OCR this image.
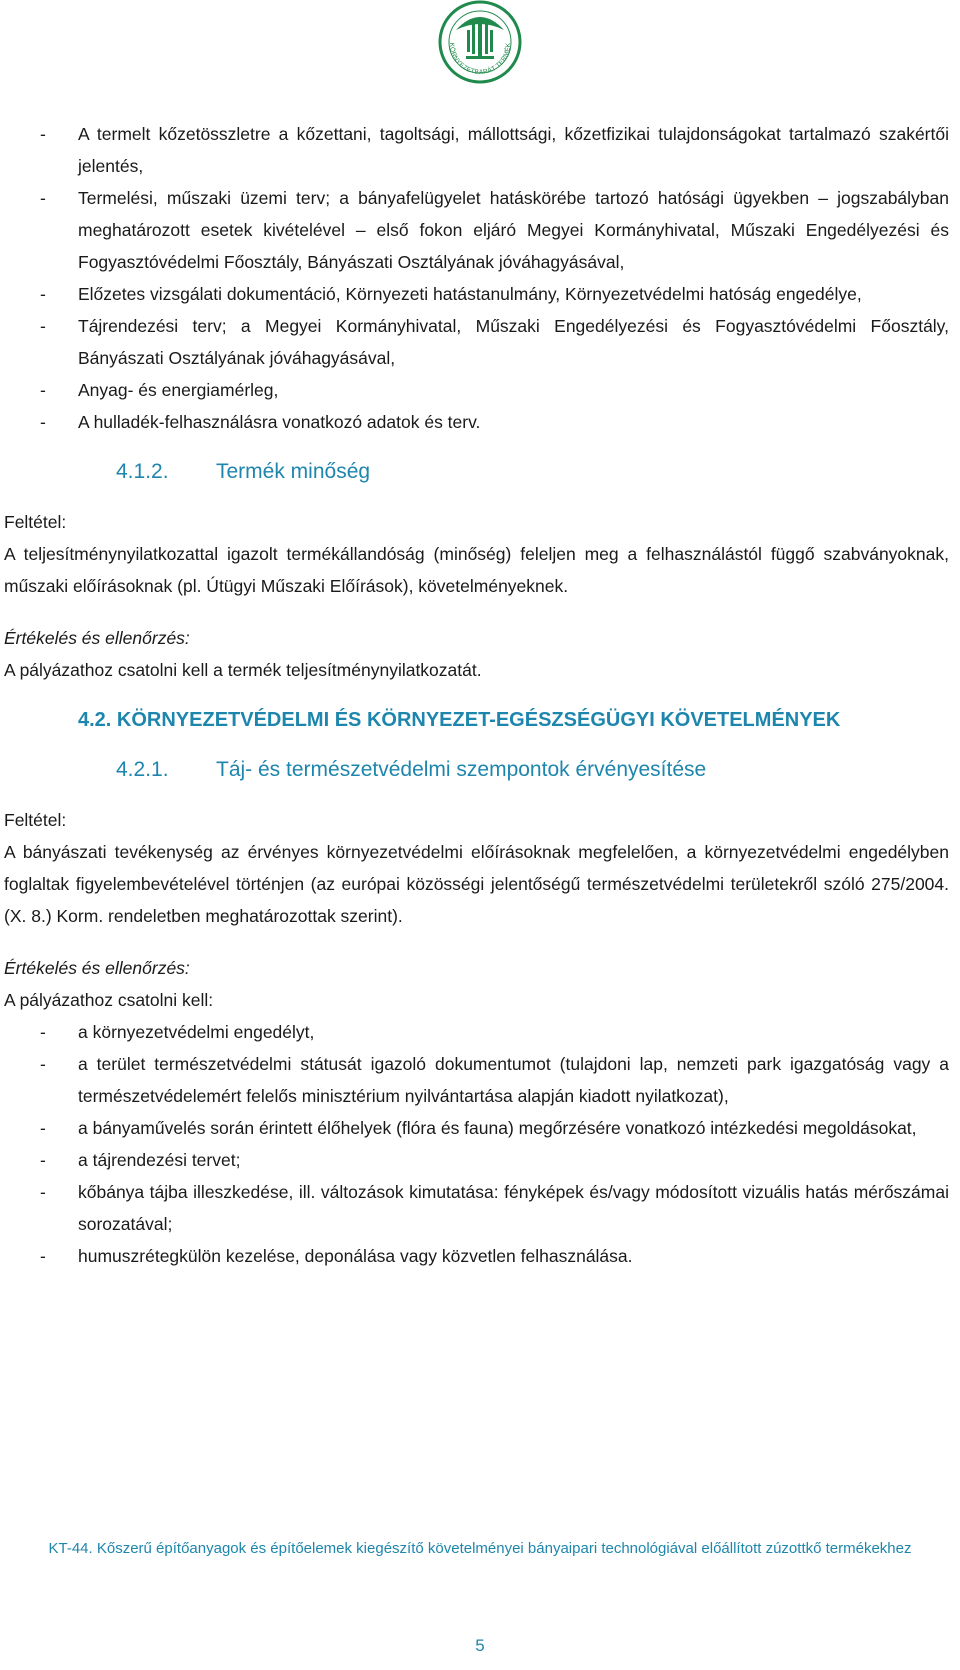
KÖRNYEZETBARÁT TERMÉK
- A termelt kőzetösszletre a kőzettani, tagoltsági, mállottsági, kőzetfizikai tulajdonságokat tartalmazó szakértői jelentés,
- Termelési, műszaki üzemi terv; a bányafelügyelet hatáskörébe tartozó hatósági ügyekben – jogszabályban meghatározott esetek kivételével – első fokon eljáró Megyei Kormányhivatal, Műszaki Engedélyezési és Fogyasztóvédelmi Főosztály, Bányászati Osztályának jóváhagyásával,
- Előzetes vizsgálati dokumentáció, Környezeti hatástanulmány, Környezetvédelmi hatóság engedélye,
- Tájrendezési terv; a Megyei Kormányhivatal, Műszaki Engedélyezési és Fogyasztóvédelmi Főosztály, Bányászati Osztályának jóváhagyásával,
- Anyag- és energiamérleg,
- A hulladék-felhasználásra vonatkozó adatok és terv.
4.1.2. Termék minőség

Feltétel:

A teljesítménynyilatkozattal igazolt termékállandóság (minőség) feleljen meg a felhasználástól függő szabványoknak, műszaki előírásoknak (pl. Útügyi Műszaki Előírások), követelményeknek.

Értékelés és ellenőrzés:

A pályázathoz csatolni kell a termék teljesítménynyilatkozatát.

4.2. KÖRNYEZETVÉDELMI ÉS KÖRNYEZET-EGÉSZSÉGÜGYI KÖVETELMÉNYEK
4.2.1. Táj- és természetvédelmi szempontok érvényesítése

Feltétel:

A bányászati tevékenység az érvényes környezetvédelmi előírásoknak megfelelően, a környezetvédelmi engedélyben foglaltak figyelembevételével történjen (az európai közösségi jelentőségű természetvédelmi területekről szóló 275/2004. (X. 8.) Korm. rendeletben meghatározottak szerint).

Értékelés és ellenőrzés:

A pályázathoz csatolni kell:

- a környezetvédelmi engedélyt,
- a terület természetvédelmi státusát igazoló dokumentumot (tulajdoni lap, nemzeti park igazgatóság vagy a természetvédelemért felelős minisztérium nyilvántartása alapján kiadott nyilatkozat),
- a bányaművelés során érintett élőhelyek (flóra és fauna) megőrzésére vonatkozó intézkedési megoldásokat,
- a tájrendezési tervet;
- kőbánya tájba illeszkedése, ill. változások kimutatása: fényképek és/vagy módosított vizuális hatás mérőszámai sorozatával;
- humuszrétegkülön kezelése, deponálása vagy közvetlen felhasználása.
KT-44. Kőszerű építőanyagok és építőelemek kiegészítő követelményei bányaipari technológiával előállított zúzottkő termékekhez
5
